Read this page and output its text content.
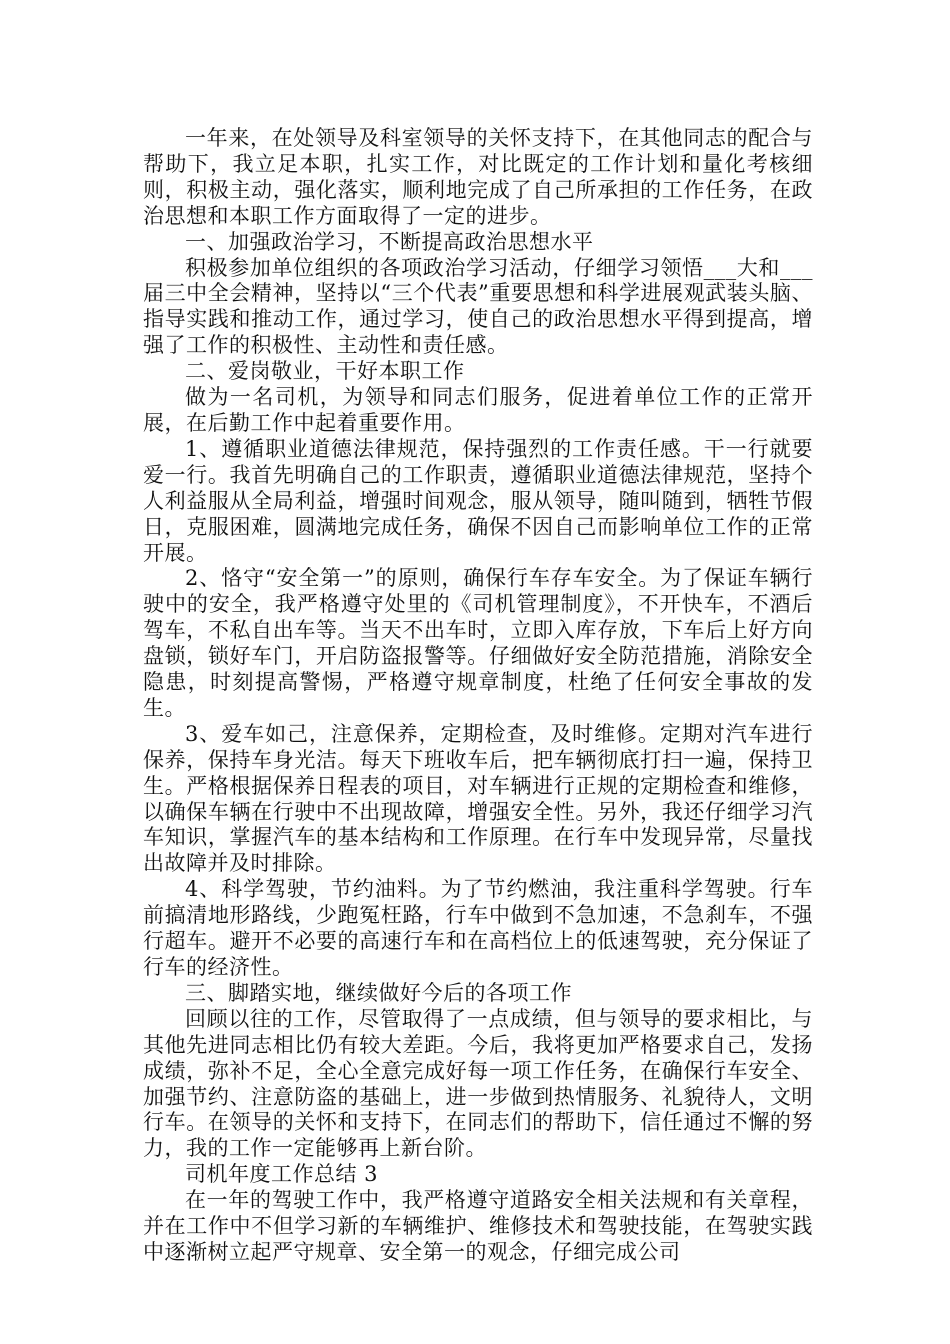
一年来，在处领导及科室领导的关怀支持下，在其他同志的配合与帮助下，我立足本职，扎实工作，对比既定的工作计划和量化考核细则，积极主动，强化落实，顺利地完成了自己所承担的工作任务，在政治思想和本职工作方面取得了一定的进步。

一、加强政治学习，不断提高政治思想水平

积极参加单位组织的各项政治学习活动，仔细学习领悟___大和___届三中全会精神，坚持以“三个代表”重要思想和科学进展观武装头脑、指导实践和推动工作，通过学习，使自己的政治思想水平得到提高，增强了工作的积极性、主动性和责任感。

二、爱岗敬业，干好本职工作

做为一名司机，为领导和同志们服务，促进着单位工作的正常开展，在后勤工作中起着重要作用。

1、遵循职业道德法律规范，保持强烈的工作责任感。干一行就要爱一行。我首先明确自己的工作职责，遵循职业道德法律规范，坚持个人利益服从全局利益，增强时间观念，服从领导，随叫随到，牺牲节假日，克服困难，圆满地完成任务，确保不因自己而影响单位工作的正常开展。

2、恪守“安全第一”的原则，确保行车存车安全。为了保证车辆行驶中的安全，我严格遵守处里的《司机管理制度》，不开快车，不酒后驾车，不私自出车等。当天不出车时，立即入库存放，下车后上好方向盘锁，锁好车门，开启防盗报警等。仔细做好安全防范措施，消除安全隐患，时刻提高警惕，严格遵守规章制度，杜绝了任何安全事故的发生。

3、爱车如己，注意保养，定期检查，及时维修。定期对汽车进行保养，保持车身光洁。每天下班收车后，把车辆彻底打扫一遍，保持卫生。严格根据保养日程表的项目，对车辆进行正规的定期检查和维修，以确保车辆在行驶中不出现故障，增强安全性。另外，我还仔细学习汽车知识，掌握汽车的基本结构和工作原理。在行车中发现异常，尽量找出故障并及时排除。

4、科学驾驶，节约油料。为了节约燃油，我注重科学驾驶。行车前搞清地形路线，少跑冤枉路，行车中做到不急加速，不急刹车，不强行超车。避开不必要的高速行车和在高档位上的低速驾驶，充分保证了行车的经济性。

三、脚踏实地，继续做好今后的各项工作

回顾以往的工作，尽管取得了一点成绩，但与领导的要求相比，与其他先进同志相比仍有较大差距。今后，我将更加严格要求自己，发扬成绩，弥补不足，全心全意完成好每一项工作任务，在确保行车安全、加强节约、注意防盗的基础上，进一步做到热情服务、礼貌待人，文明行车。在领导的关怀和支持下，在同志们的帮助下，信任通过不懈的努力，我的工作一定能够再上新台阶。

司机年度工作总结 3

在一年的驾驶工作中，我严格遵守道路安全相关法规和有关章程，并在工作中不但学习新的车辆维护、维修技术和驾驶技能，在驾驶实践中逐渐树立起严守规章、安全第一的观念，仔细完成公司
